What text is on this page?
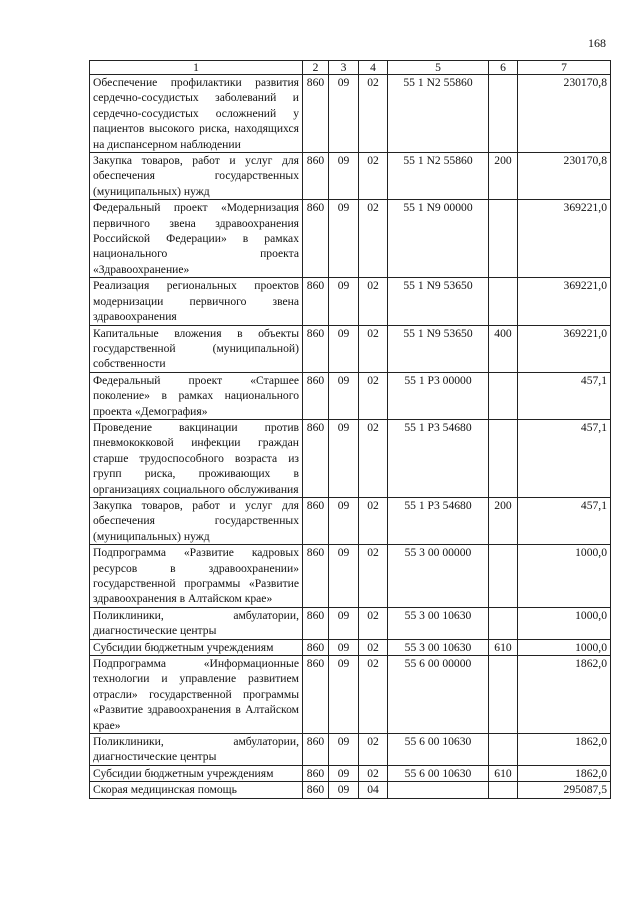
168
1	2	3	4	5	6	7
Обеспечение профилактики развития сердечно-сосудистых заболеваний и сердечно-сосудистых осложнений у пациентов высокого риска, находящихся на диспансерном наблюдении	860	09	02	55 1 N2 55860		230170,8
Закупка товаров, работ и услуг для обеспечения государственных (муниципальных) нужд	860	09	02	55 1 N2 55860	200	230170,8
Федеральный проект «Модернизация первичного звена здравоохранения Российской Федерации» в рамках национального проекта «Здравоохранение»	860	09	02	55 1 N9 00000		369221,0
Реализация региональных проектов модернизации первичного звена здравоохранения	860	09	02	55 1 N9 53650		369221,0
Капитальные вложения в объекты государственной (муниципальной) собственности	860	09	02	55 1 N9 53650	400	369221,0
Федеральный проект «Старшее поколение» в рамках национального проекта «Демография»	860	09	02	55 1 P3 00000		457,1
Проведение вакцинации против пневмококковой инфекции граждан старше трудоспособного возраста из групп риска, проживающих в организациях социального обслуживания	860	09	02	55 1 P3 54680		457,1
Закупка товаров, работ и услуг для обеспечения государственных (муниципальных) нужд	860	09	02	55 1 P3 54680	200	457,1
Подпрограмма «Развитие кадровых ресурсов в здравоохранении» государственной программы «Развитие здравоохранения в Алтайском крае»	860	09	02	55 3 00 00000		1000,0
Поликлиники, амбулатории, диагностические центры	860	09	02	55 3 00 10630		1000,0
Субсидии бюджетным учреждениям	860	09	02	55 3 00 10630	610	1000,0
Подпрограмма «Информационные технологии и управление развитием отрасли» государственной программы «Развитие здравоохранения в Алтайском крае»	860	09	02	55 6 00 00000		1862,0
Поликлиники, амбулатории, диагностические центры	860	09	02	55 6 00 10630		1862,0
Субсидии бюджетным учреждениям	860	09	02	55 6 00 10630	610	1862,0
Скорая медицинская помощь	860	09	04			295087,5
